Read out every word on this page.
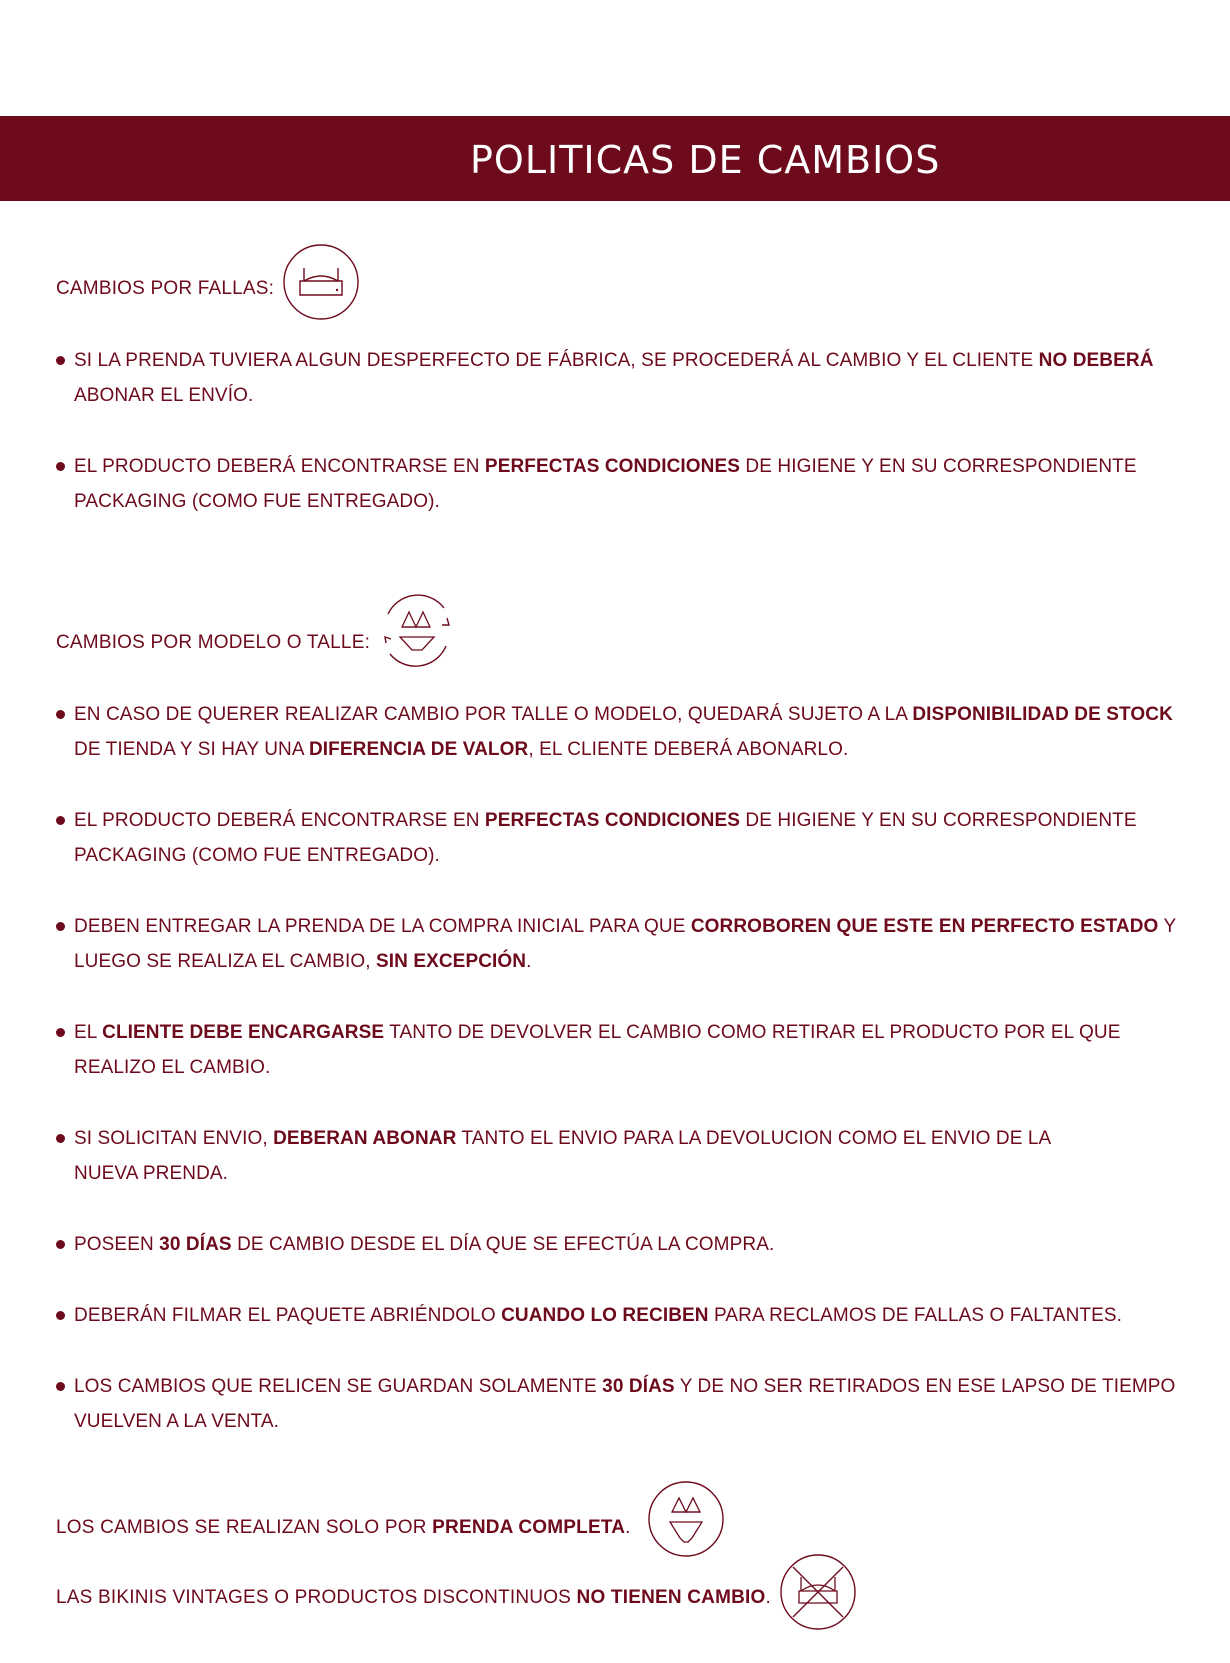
POLITICAS DE CAMBIOS
CAMBIOS POR FALLAS:
SI LA PRENDA TUVIERA ALGUN DESPERFECTO DE FÁBRICA, SE PROCEDERÁ AL CAMBIO Y EL CLIENTE NO DEBERÁ ABONAR EL ENVÍO.
EL PRODUCTO DEBERÁ ENCONTRARSE EN PERFECTAS CONDICIONES DE HIGIENE Y EN SU CORRESPONDIENTE PACKAGING (COMO FUE ENTREGADO).
CAMBIOS POR MODELO O TALLE:
EN CASO DE QUERER REALIZAR CAMBIO POR TALLE O MODELO, QUEDARÁ SUJETO A LA DISPONIBILIDAD DE STOCK DE TIENDA Y SI HAY UNA DIFERENCIA DE VALOR, EL CLIENTE DEBERÁ ABONARLO.
EL PRODUCTO DEBERÁ ENCONTRARSE EN PERFECTAS CONDICIONES DE HIGIENE Y EN SU CORRESPONDIENTE PACKAGING (COMO FUE ENTREGADO).
DEBEN ENTREGAR LA PRENDA DE LA COMPRA INICIAL PARA QUE CORROBOREN QUE ESTE EN PERFECTO ESTADO Y LUEGO SE REALIZA EL CAMBIO, SIN EXCEPCIÓN.
EL CLIENTE DEBE ENCARGARSE TANTO DE DEVOLVER EL CAMBIO COMO RETIRAR EL PRODUCTO POR EL QUE REALIZO EL CAMBIO.
SI SOLICITAN ENVIO, DEBERAN ABONAR TANTO EL ENVIO PARA LA DEVOLUCION COMO EL ENVIO DE LA NUEVA PRENDA.
POSEEN 30 DÍAS DE CAMBIO DESDE EL DÍA QUE SE EFECTÚA LA COMPRA.
DEBERÁN FILMAR EL PAQUETE ABRIÉNDOLO CUANDO LO RECIBEN PARA RECLAMOS DE FALLAS O FALTANTES.
LOS CAMBIOS QUE RELICEN SE GUARDAN SOLAMENTE 30 DÍAS Y DE NO SER RETIRADOS EN ESE LAPSO DE TIEMPO VUELVEN A LA VENTA.
LOS CAMBIOS SE REALIZAN SOLO POR PRENDA COMPLETA.
LAS BIKINIS VINTAGES O PRODUCTOS DISCONTINUOS NO TIENEN CAMBIO.
